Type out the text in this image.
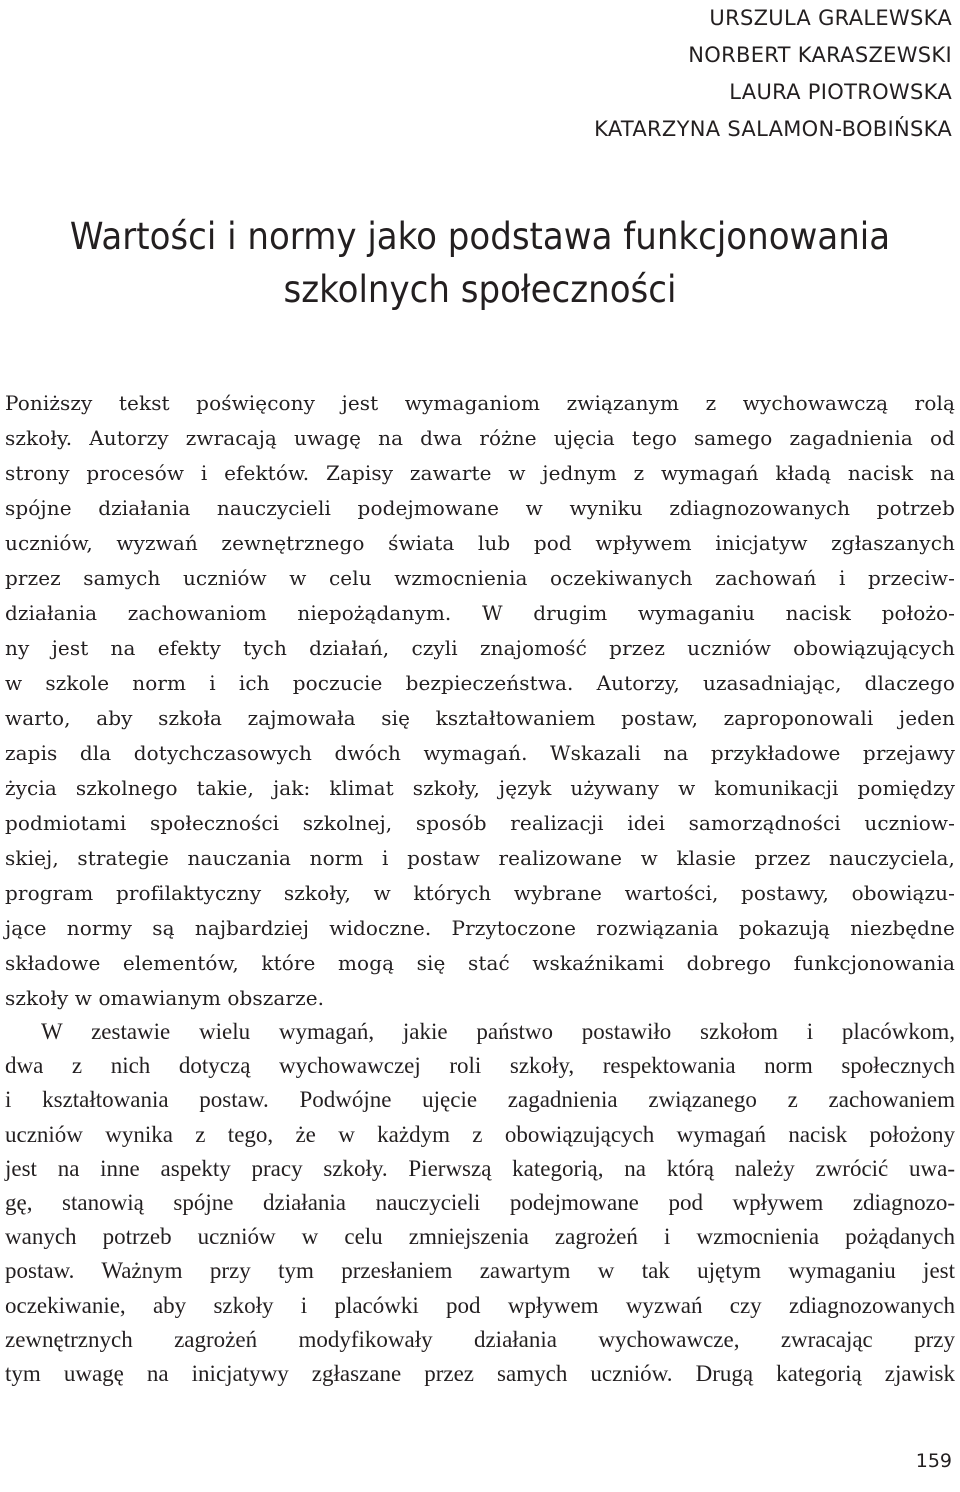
URSZULA GRALEWSKA
NORBERT KARASZEWSKI
LAURA PIOTROWSKA
KATARZYNA SALAMON-BOBIŃSKA
Wartości i normy jako podstawa funkcjonowania
szkolnych społeczności
Poniższy tekst poświęcony jest wymaganiom związanym z wychowawczą rolą
szkoły. Autorzy zwracają uwagę na dwa różne ujęcia tego samego zagadnienia od
strony procesów i efektów. Zapisy zawarte w jednym z wymagań kładą nacisk na
spójne działania nauczycieli podejmowane w wyniku zdiagnozowanych potrzeb
uczniów, wyzwań zewnętrznego świata lub pod wpływem inicjatyw zgłaszanych
przez samych uczniów w celu wzmocnienia oczekiwanych zachowań i przeciw-
działania zachowaniom niepożądanym. W drugim wymaganiu nacisk położo-
ny jest na efekty tych działań, czyli znajomość przez uczniów obowiązujących
w szkole norm i ich poczucie bezpieczeństwa. Autorzy, uzasadniając, dlaczego
warto, aby szkoła zajmowała się kształtowaniem postaw, zaproponowali jeden
zapis dla dotychczasowych dwóch wymagań. Wskazali na przykładowe przejawy
życia szkolnego takie, jak: klimat szkoły, język używany w komunikacji pomiędzy
podmiotami społeczności szkolnej, sposób realizacji idei samorządności uczniow-
skiej, strategie nauczania norm i postaw realizowane w klasie przez nauczyciela,
program profilaktyczny szkoły, w których wybrane wartości, postawy, obowiązu-
jące normy są najbardziej widoczne. Przytoczone rozwiązania pokazują niezbędne
składowe elementów, które mogą się stać wskaźnikami dobrego funkcjonowania
szkoły w omawianym obszarze.
W zestawie wielu wymagań, jakie państwo postawiło szkołom i placówkom,
dwa z nich dotyczą wychowawczej roli szkoły, respektowania norm społecznych
i kształtowania postaw. Podwójne ujęcie zagadnienia związanego z zachowaniem
uczniów wynika z tego, że w każdym z obowiązujących wymagań nacisk położony
jest na inne aspekty pracy szkoły. Pierwszą kategorią, na którą należy zwrócić uwa-
gę, stanowią spójne działania nauczycieli podejmowane pod wpływem zdiagnozo-
wanych potrzeb uczniów w celu zmniejszenia zagrożeń i wzmocnienia pożądanych
postaw. Ważnym przy tym przesłaniem zawartym w tak ujętym wymaganiu jest
oczekiwanie, aby szkoły i placówki pod wpływem wyzwań czy zdiagnozowanych
zewnętrznych zagrożeń modyfikowały działania wychowawcze, zwracając przy
tym uwagę na inicjatywy zgłaszane przez samych uczniów. Drugą kategorią zjawisk
159
